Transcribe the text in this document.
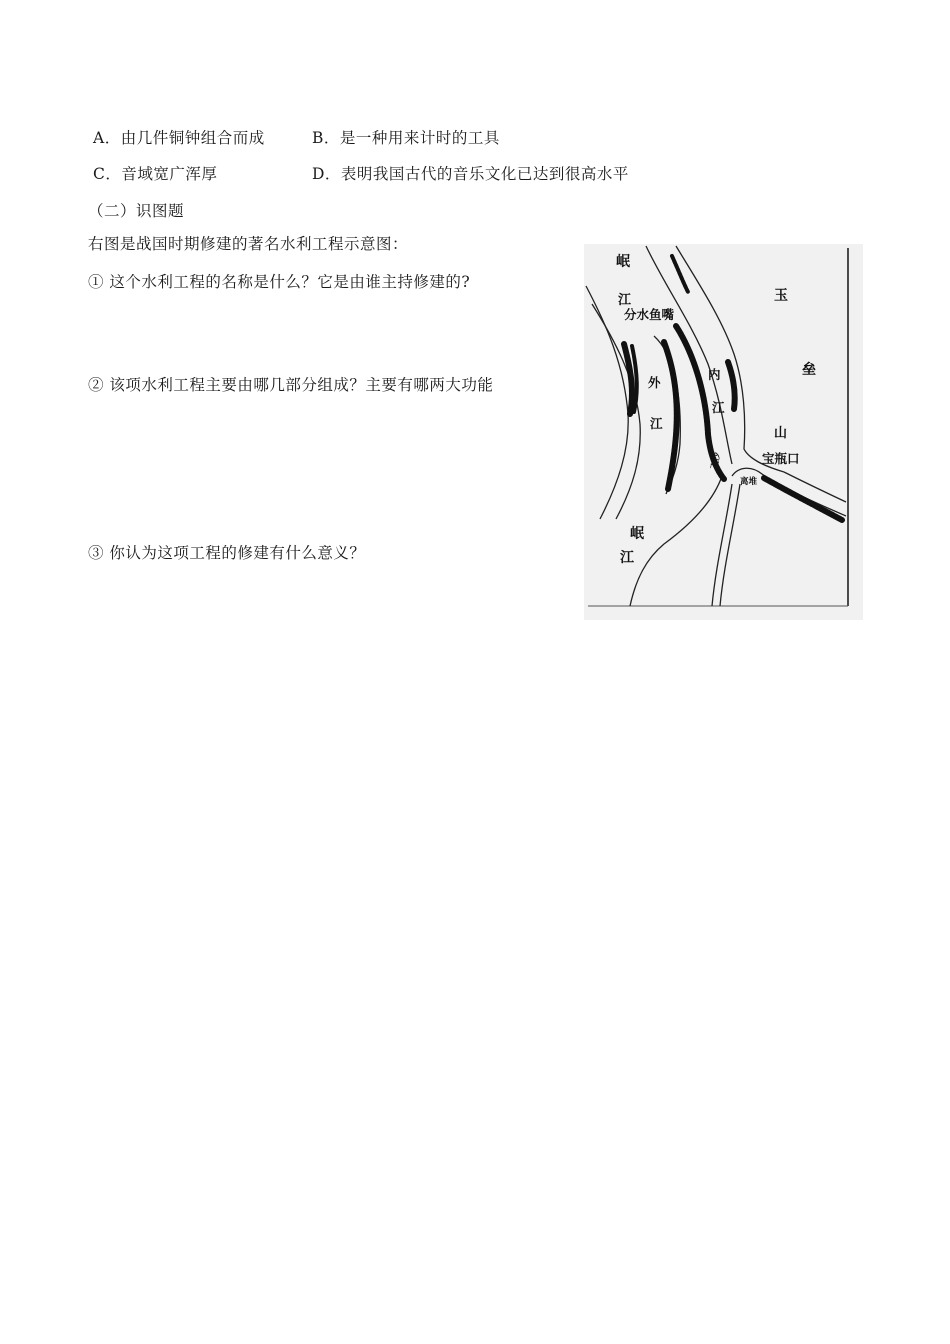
A．由几件铜钟组合而成	B．是一种用来计时的工具
C．音域宽广浑厚	D．表明我国古代的音乐文化已达到很高水平
（二）识图题
右图是战国时期修建的著名水利工程示意图：
① 这个水利工程的名称是什么？它是由谁主持修建的?
② 该项水利工程主要由哪几部分组成？主要有哪两大功能
③ 你认为这项工程的修建有什么意义？
岷
江
分水鱼嘴
玉
垒
山
宝瓶口
内
江
外
江
飞沙
离堆
岷
江
